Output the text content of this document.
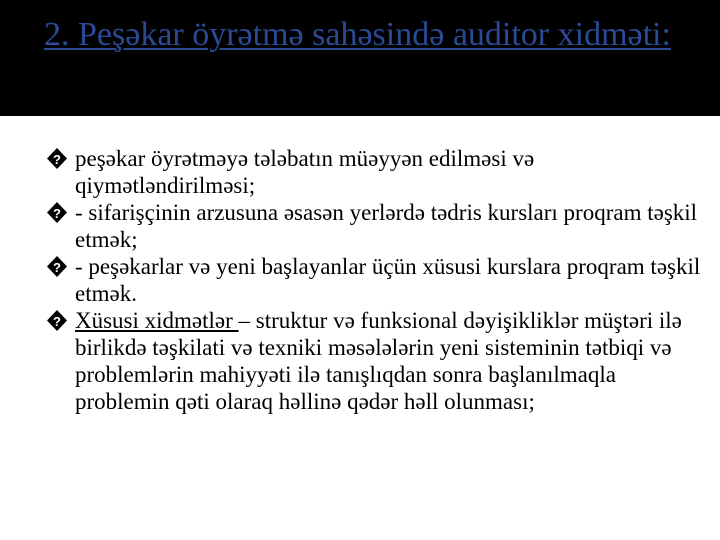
2. Peşəkar öyrətmə sahəsində auditor xidməti:

? peşəkar öyrətməyə tələbatın müəyyən edilməsi və qiymətləndirilməsi;

? - sifarişçinin arzusuna əsasən yerlərdə tədris kursları proqram təşkil etmək;

? - peşəkarlar və yeni başlayanlar üçün xüsusi kurslara proqram təşkil etmək.

? Xüsusi xidmətlər – struktur və funksional dəyişikliklər müştəri ilə birlikdə təşkilati və texniki məsələlərin yeni sisteminin tətbiqi və problemlərin mahiyyəti ilə tanışlıqdan sonra başlanılmaqla problemin qəti olaraq həllinə qədər həll olunması;
